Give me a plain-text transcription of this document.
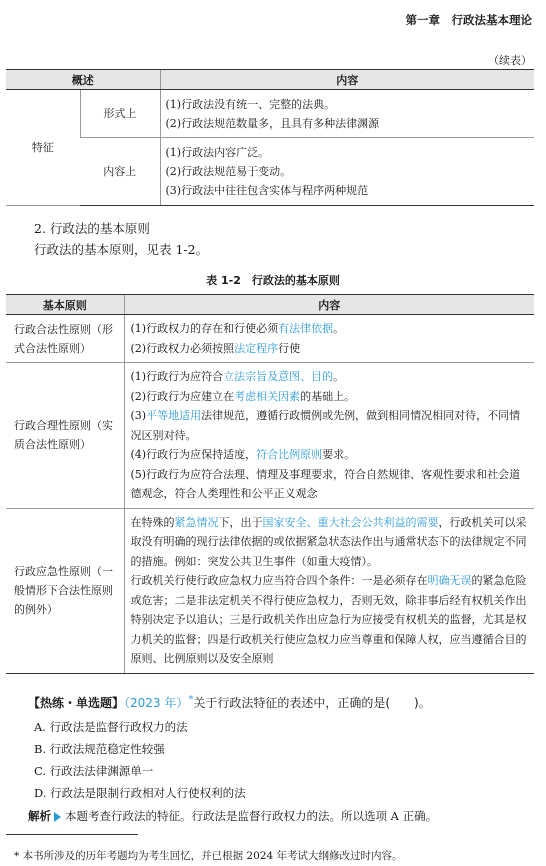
第一章　行政法基本理论
（续表）
概述		内容
特征	形式上	(1)行政法没有统一、完整的法典。
(2)行政法规范数量多，且具有多种法律渊源

	内容上	(1)行政法内容广泛。
(2)行政法规范易于变动。
(3)行政法中往往包含实体与程序两种规范
2. 行政法的基本原则
行政法的基本原则，见表 1-2。
表 1-2　行政法的基本原则
基本原则	内容
行政合法性原则（形式合法性原则）	(1)行政权力的存在和行使必须有法律依据。
(2)行政权力必须按照法定程序行使

行政合理性原则（实质合法性原则）	(1)行政行为应符合立法宗旨及意图、目的。
(2)行政行为应建立在考虑相关因素的基础上。
(3)平等地适用法律规范，遵循行政惯例或先例，做到相同情况相同对待，不同情况区别对待。
(4)行政行为应保持适度，符合比例原则要求。
(5)行政行为应符合法理、情理及事理要求，符合自然规律、客观性要求和社会道德观念，符合人类理性和公平正义观念

行政应急性原则（一般情形下合法性原则的例外）	在特殊的紧急情况下，出于国家安全、重大社会公共利益的需要，行政机关可以采取没有明确的现行法律依据的或依据紧急状态法作出与通常状态下的法律规定不同的措施。例如：突发公共卫生事件（如重大疫情）。
行政机关行使行政应急权力应当符合四个条件：一是必须存在明确无误的紧急危险或危害；二是非法定机关不得行使应急权力，否则无效，除非事后经有权机关作出特别决定予以追认；三是行政机关作出应急行为应接受有权机关的监督，尤其是权力机关的监督；四是行政机关行使应急权力应当尊重和保障人权，应当遵循合目的原则、比例原则以及安全原则
【热练・单选题】（2023 年）*关于行政法特征的表述中，正确的是(　　)。
A. 行政法是监督行政权力的法
B. 行政法规范稳定性较强
C. 行政法法律渊源单一
D. 行政法是限制行政相对人行使权利的法
解析 本题考查行政法的特征。行政法是监督行政权力的法。所以选项 A 正确。
* 本书所涉及的历年考题均为考生回忆，并已根据 2024 年考试大纲修改过时内容。
